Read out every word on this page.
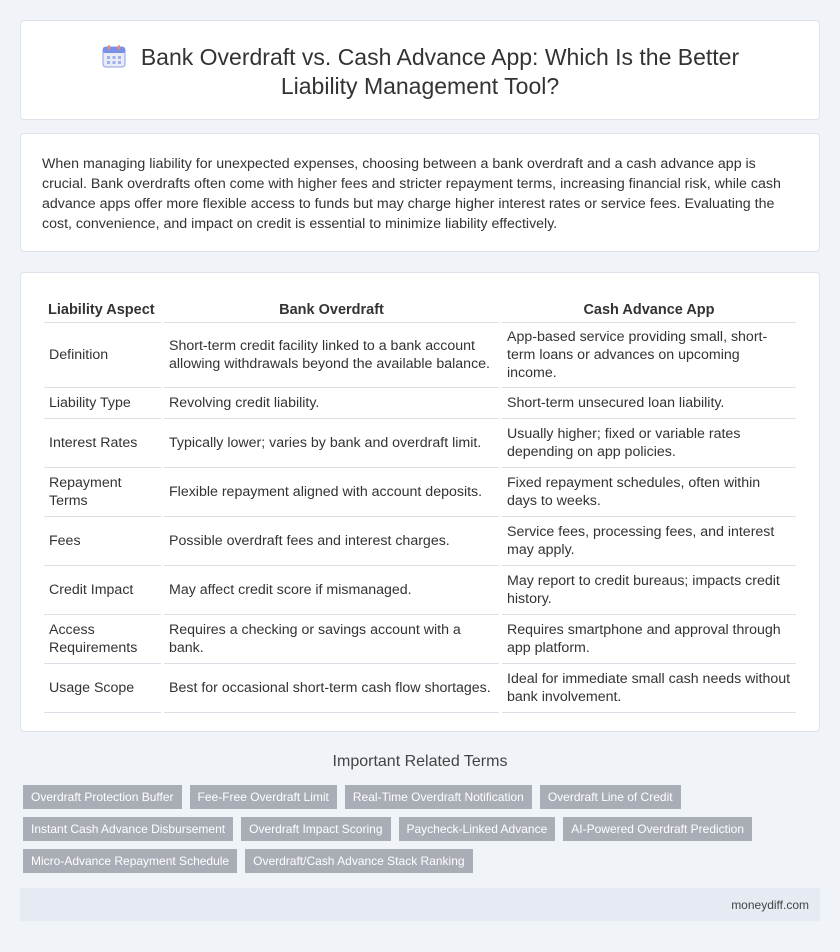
Bank Overdraft vs. Cash Advance App: Which Is the Better Liability Management Tool?

When managing liability for unexpected expenses, choosing between a bank overdraft and a cash advance app is crucial. Bank overdrafts often come with higher fees and stricter repayment terms, increasing financial risk, while cash advance apps offer more flexible access to funds but may charge higher interest rates or service fees. Evaluating the cost, convenience, and impact on credit is essential to minimize liability effectively.

Liability Aspect	Bank Overdraft	Cash Advance App
Definition	Short-term credit facility linked to a bank account allowing withdrawals beyond the available balance.	App-based service providing small, short-term loans or advances on upcoming income.
Liability Type	Revolving credit liability.	Short-term unsecured loan liability.
Interest Rates	Typically lower; varies by bank and overdraft limit.	Usually higher; fixed or variable rates depending on app policies.
Repayment Terms	Flexible repayment aligned with account deposits.	Fixed repayment schedules, often within days to weeks.
Fees	Possible overdraft fees and interest charges.	Service fees, processing fees, and interest may apply.
Credit Impact	May affect credit score if mismanaged.	May report to credit bureaus; impacts credit history.
Access Requirements	Requires a checking or savings account with a bank.	Requires smartphone and approval through app platform.
Usage Scope	Best for occasional short-term cash flow shortages.	Ideal for immediate small cash needs without bank involvement.
Important Related Terms
Overdraft Protection Buffer	Fee-Free Overdraft Limit	Real-Time Overdraft Notification	Overdraft Line of Credit
Instant Cash Advance Disbursement	Overdraft Impact Scoring	Paycheck-Linked Advance	AI-Powered Overdraft Prediction
Micro-Advance Repayment Schedule	Overdraft/Cash Advance Stack Ranking
moneydiff.com
